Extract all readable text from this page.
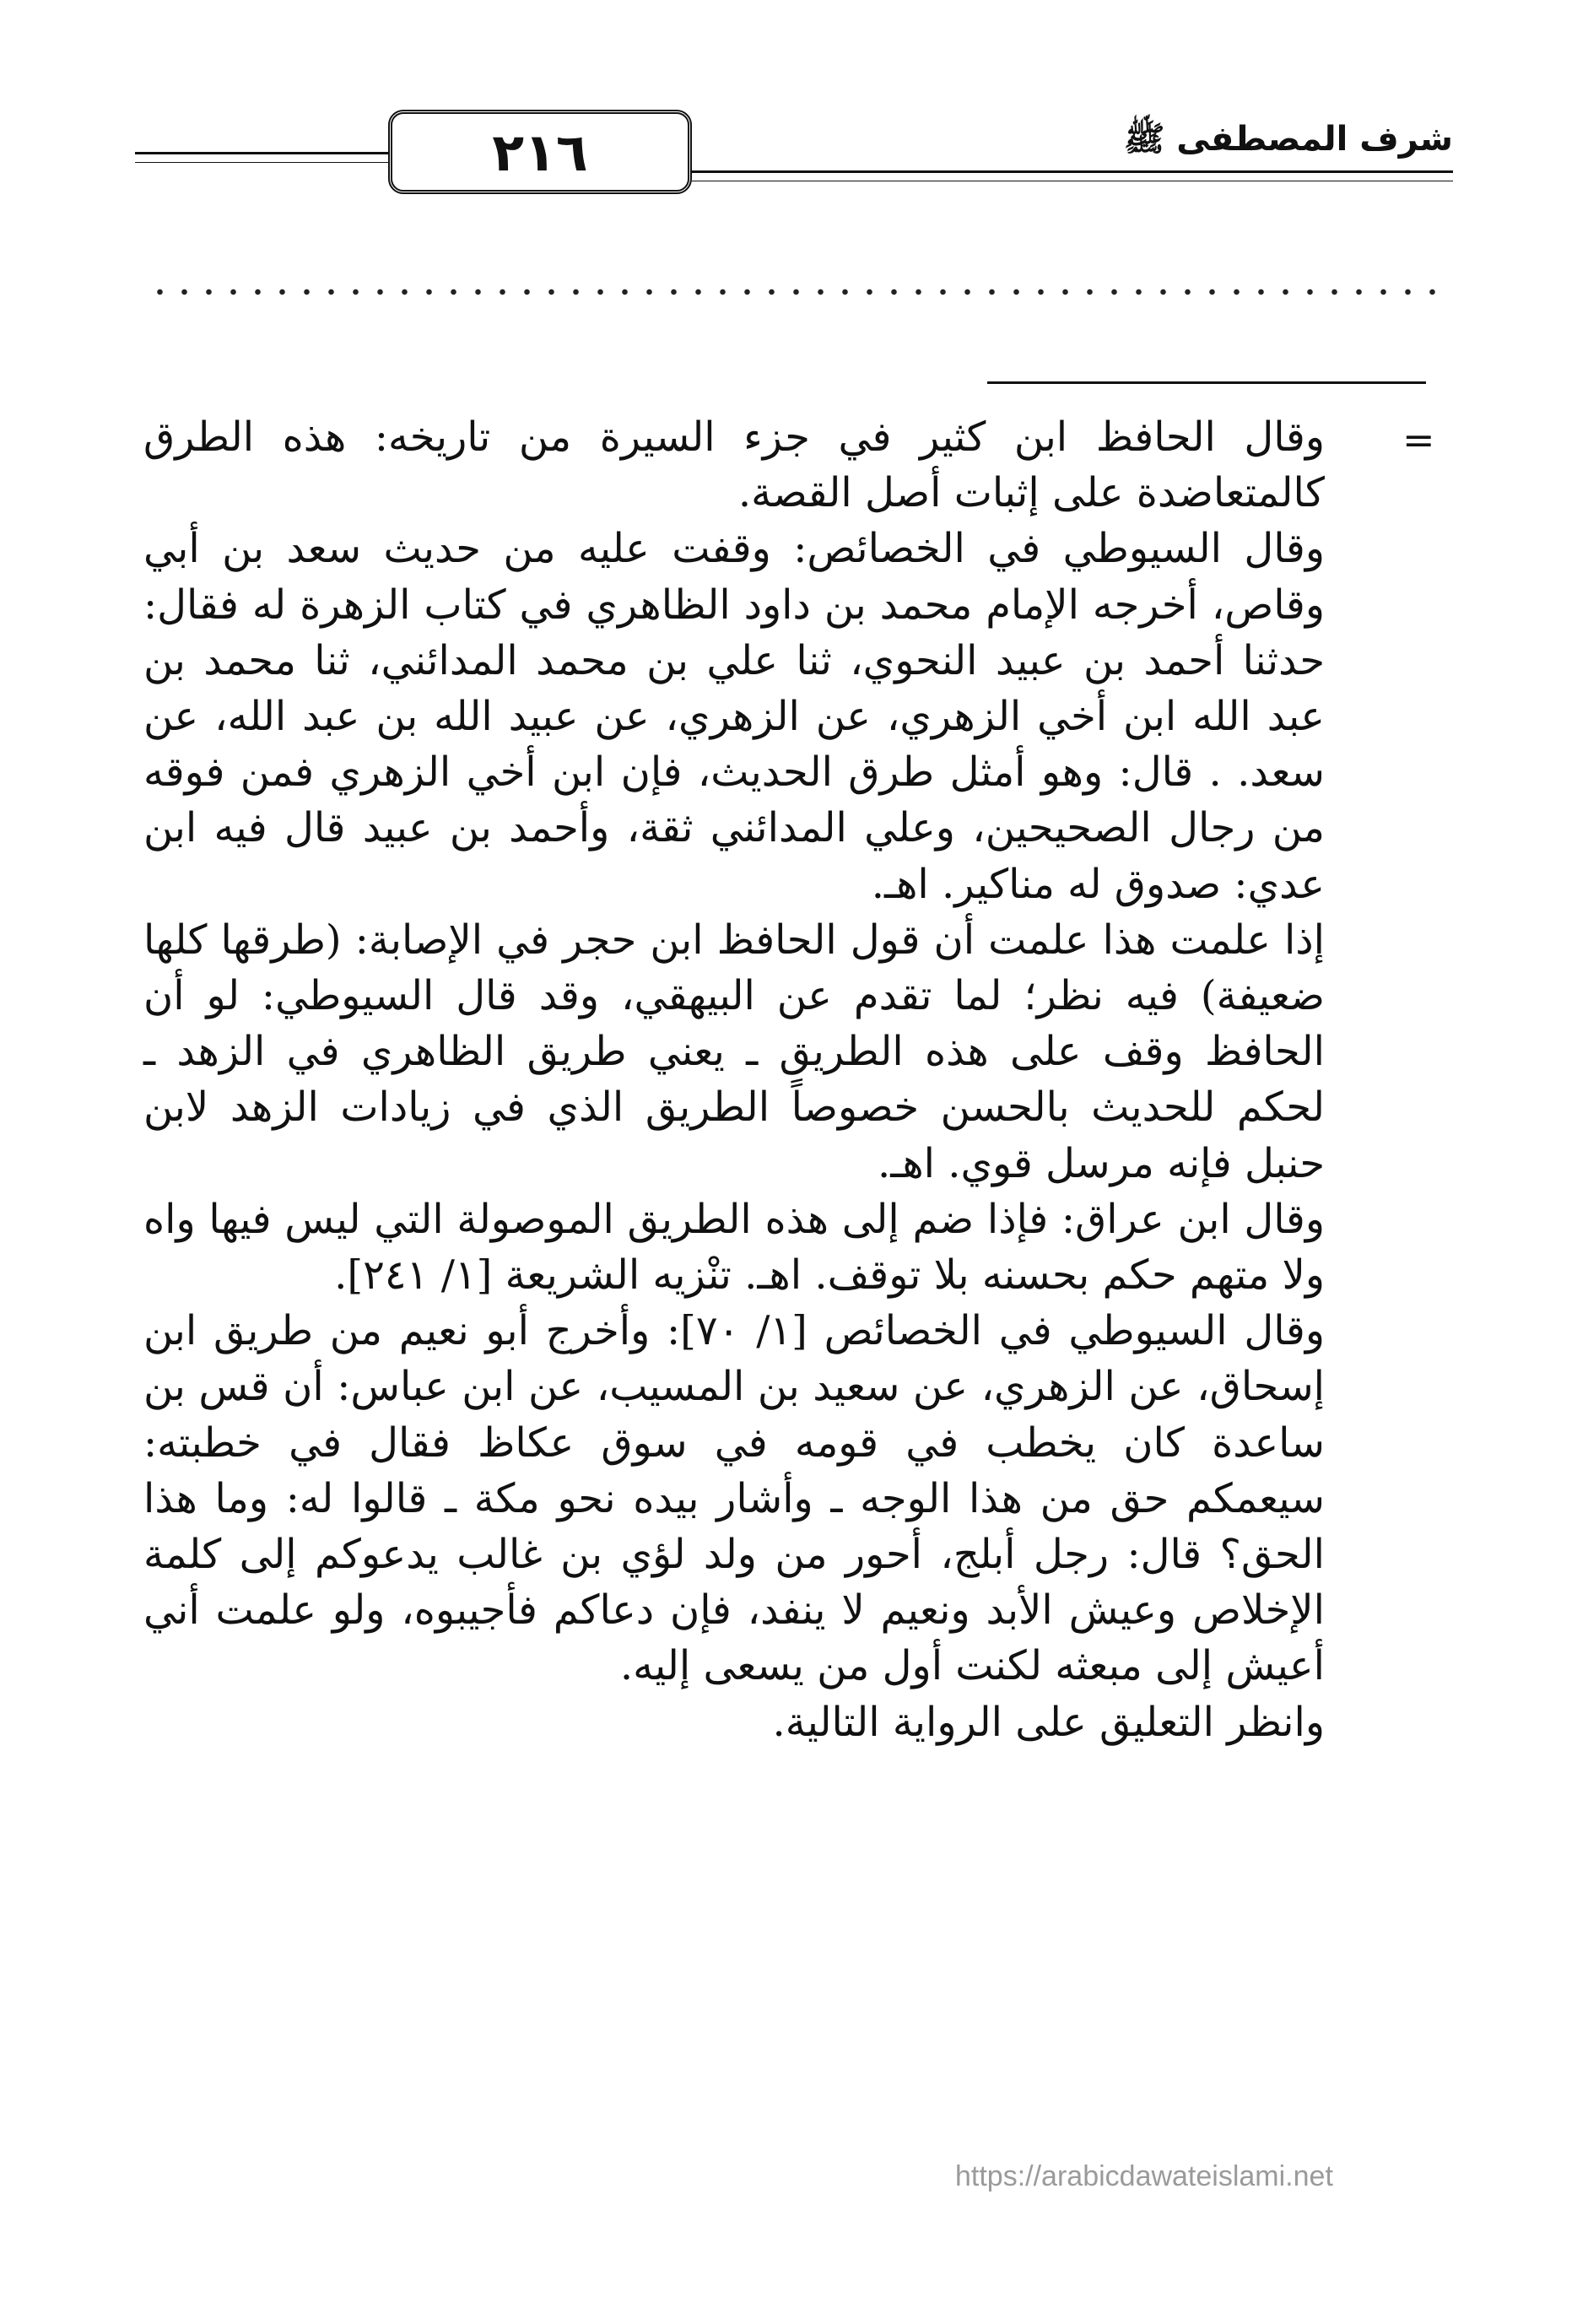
٢١٦	شرف المصطفى ﷺ
=

وقال الحافظ ابن كثير في جزء السيرة من تاريخه: هذه الطرق كالمتعاضدة على إثبات أصل القصة.

وقال السيوطي في الخصائص: وقفت عليه من حديث سعد بن أبي وقاص، أخرجه الإمام محمد بن داود الظاهري في كتاب الزهرة له فقال: حدثنا أحمد بن عبيد النحوي، ثنا علي بن محمد المدائني، ثنا محمد بن عبد الله ابن أخي الزهري، عن الزهري، عن عبيد الله بن عبد الله، عن سعد. . قال: وهو أمثل طرق الحديث، فإن ابن أخي الزهري فمن فوقه من رجال الصحيحين، وعلي المدائني ثقة، وأحمد بن عبيد قال فيه ابن عدي: صدوق له مناكير. اهـ.

إذا علمت هذا علمت أن قول الحافظ ابن حجر في الإصابة: (طرقها كلها ضعيفة) فيه نظر؛ لما تقدم عن البيهقي، وقد قال السيوطي: لو أن الحافظ وقف على هذه الطريق ـ يعني طريق الظاهري في الزهد ـ لحكم للحديث بالحسن خصوصاً الطريق الذي في زيادات الزهد لابن حنبل فإنه مرسل قوي. اهـ.

وقال ابن عراق: فإذا ضم إلى هذه الطريق الموصولة التي ليس فيها واه ولا متهم حكم بحسنه بلا توقف. اهـ. تنْزيه الشريعة [١/ ٢٤١].

وقال السيوطي في الخصائص [١/ ٧٠]: وأخرج أبو نعيم من طريق ابن إسحاق، عن الزهري، عن سعيد بن المسيب، عن ابن عباس: أن قس بن ساعدة كان يخطب في قومه في سوق عكاظ فقال في خطبته: سيعمكم حق من هذا الوجه ـ وأشار بيده نحو مكة ـ قالوا له: وما هذا الحق؟ قال: رجل أبلج، أحور من ولد لؤي بن غالب يدعوكم إلى كلمة الإخلاص وعيش الأبد ونعيم لا ينفد، فإن دعاكم فأجيبوه، ولو علمت أني أعيش إلى مبعثه لكنت أول من يسعى إليه.

وانظر التعليق على الرواية التالية.

https://arabicdawateislami.net
